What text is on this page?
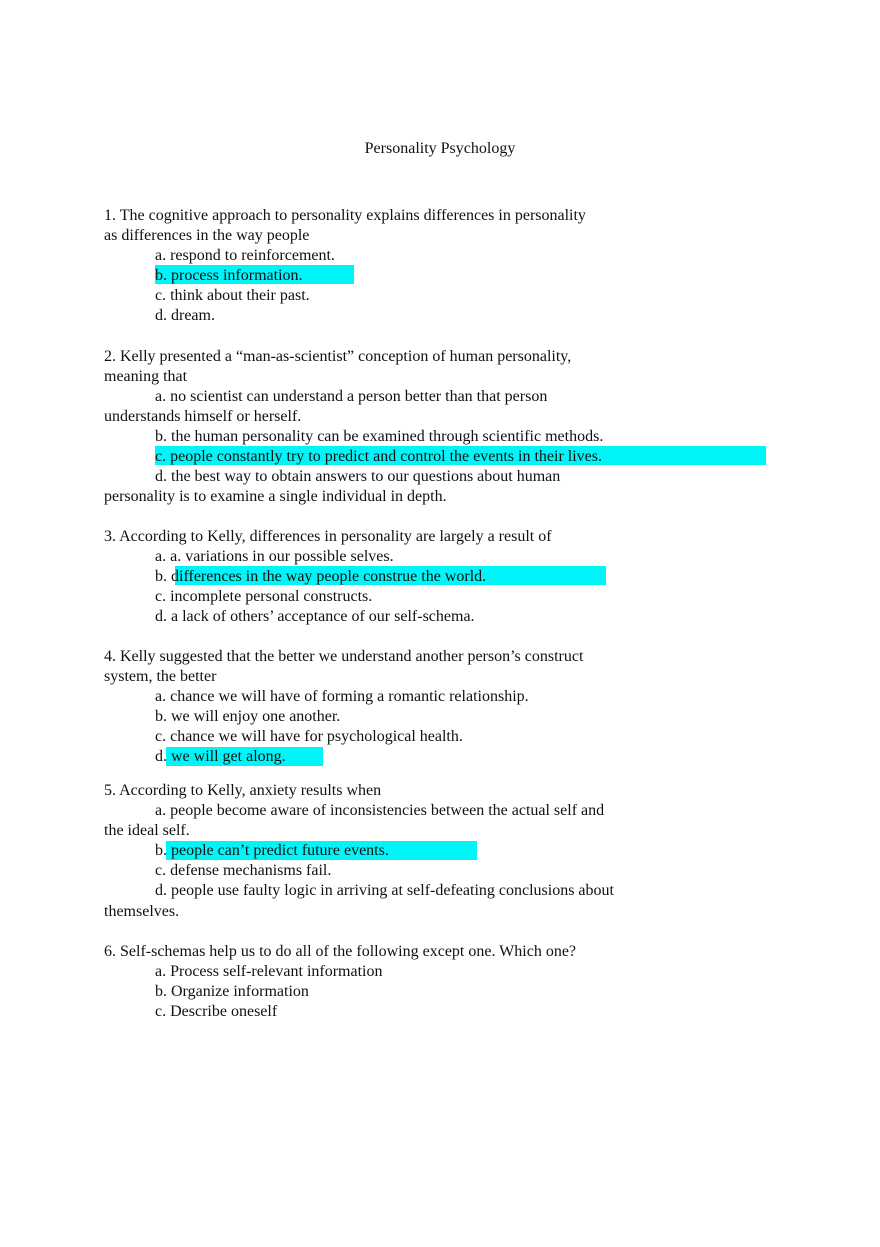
Personality Psychology
1. The cognitive approach to personality explains differences in personality
as differences in the way people
a. respond to reinforcement.
b. process information.
c. think about their past.
d. dream.
2. Kelly presented a “man-as-scientist” conception of human personality,
meaning that
a. no scientist can understand a person better than that person
understands himself or herself.
b. the human personality can be examined through scientific methods.
c. people constantly try to predict and control the events in their lives.
d. the best way to obtain answers to our questions about human
personality is to examine a single individual in depth.
3. According to Kelly, differences in personality are largely a result of
a. a. variations in our possible selves.
b. differences in the way people construe the world.
c. incomplete personal constructs.
d. a lack of others’ acceptance of our self-schema.
4. Kelly suggested that the better we understand another person’s construct
system, the better
a. chance we will have of forming a romantic relationship.
b. we will enjoy one another.
c. chance we will have for psychological health.
d. we will get along.
5. According to Kelly, anxiety results when
a. people become aware of inconsistencies between the actual self and
the ideal self.
b. people can’t predict future events.
c. defense mechanisms fail.
d. people use faulty logic in arriving at self-defeating conclusions about
themselves.
6. Self-schemas help us to do all of the following except one. Which one?
a. Process self-relevant information
b. Organize information
c. Describe oneself
